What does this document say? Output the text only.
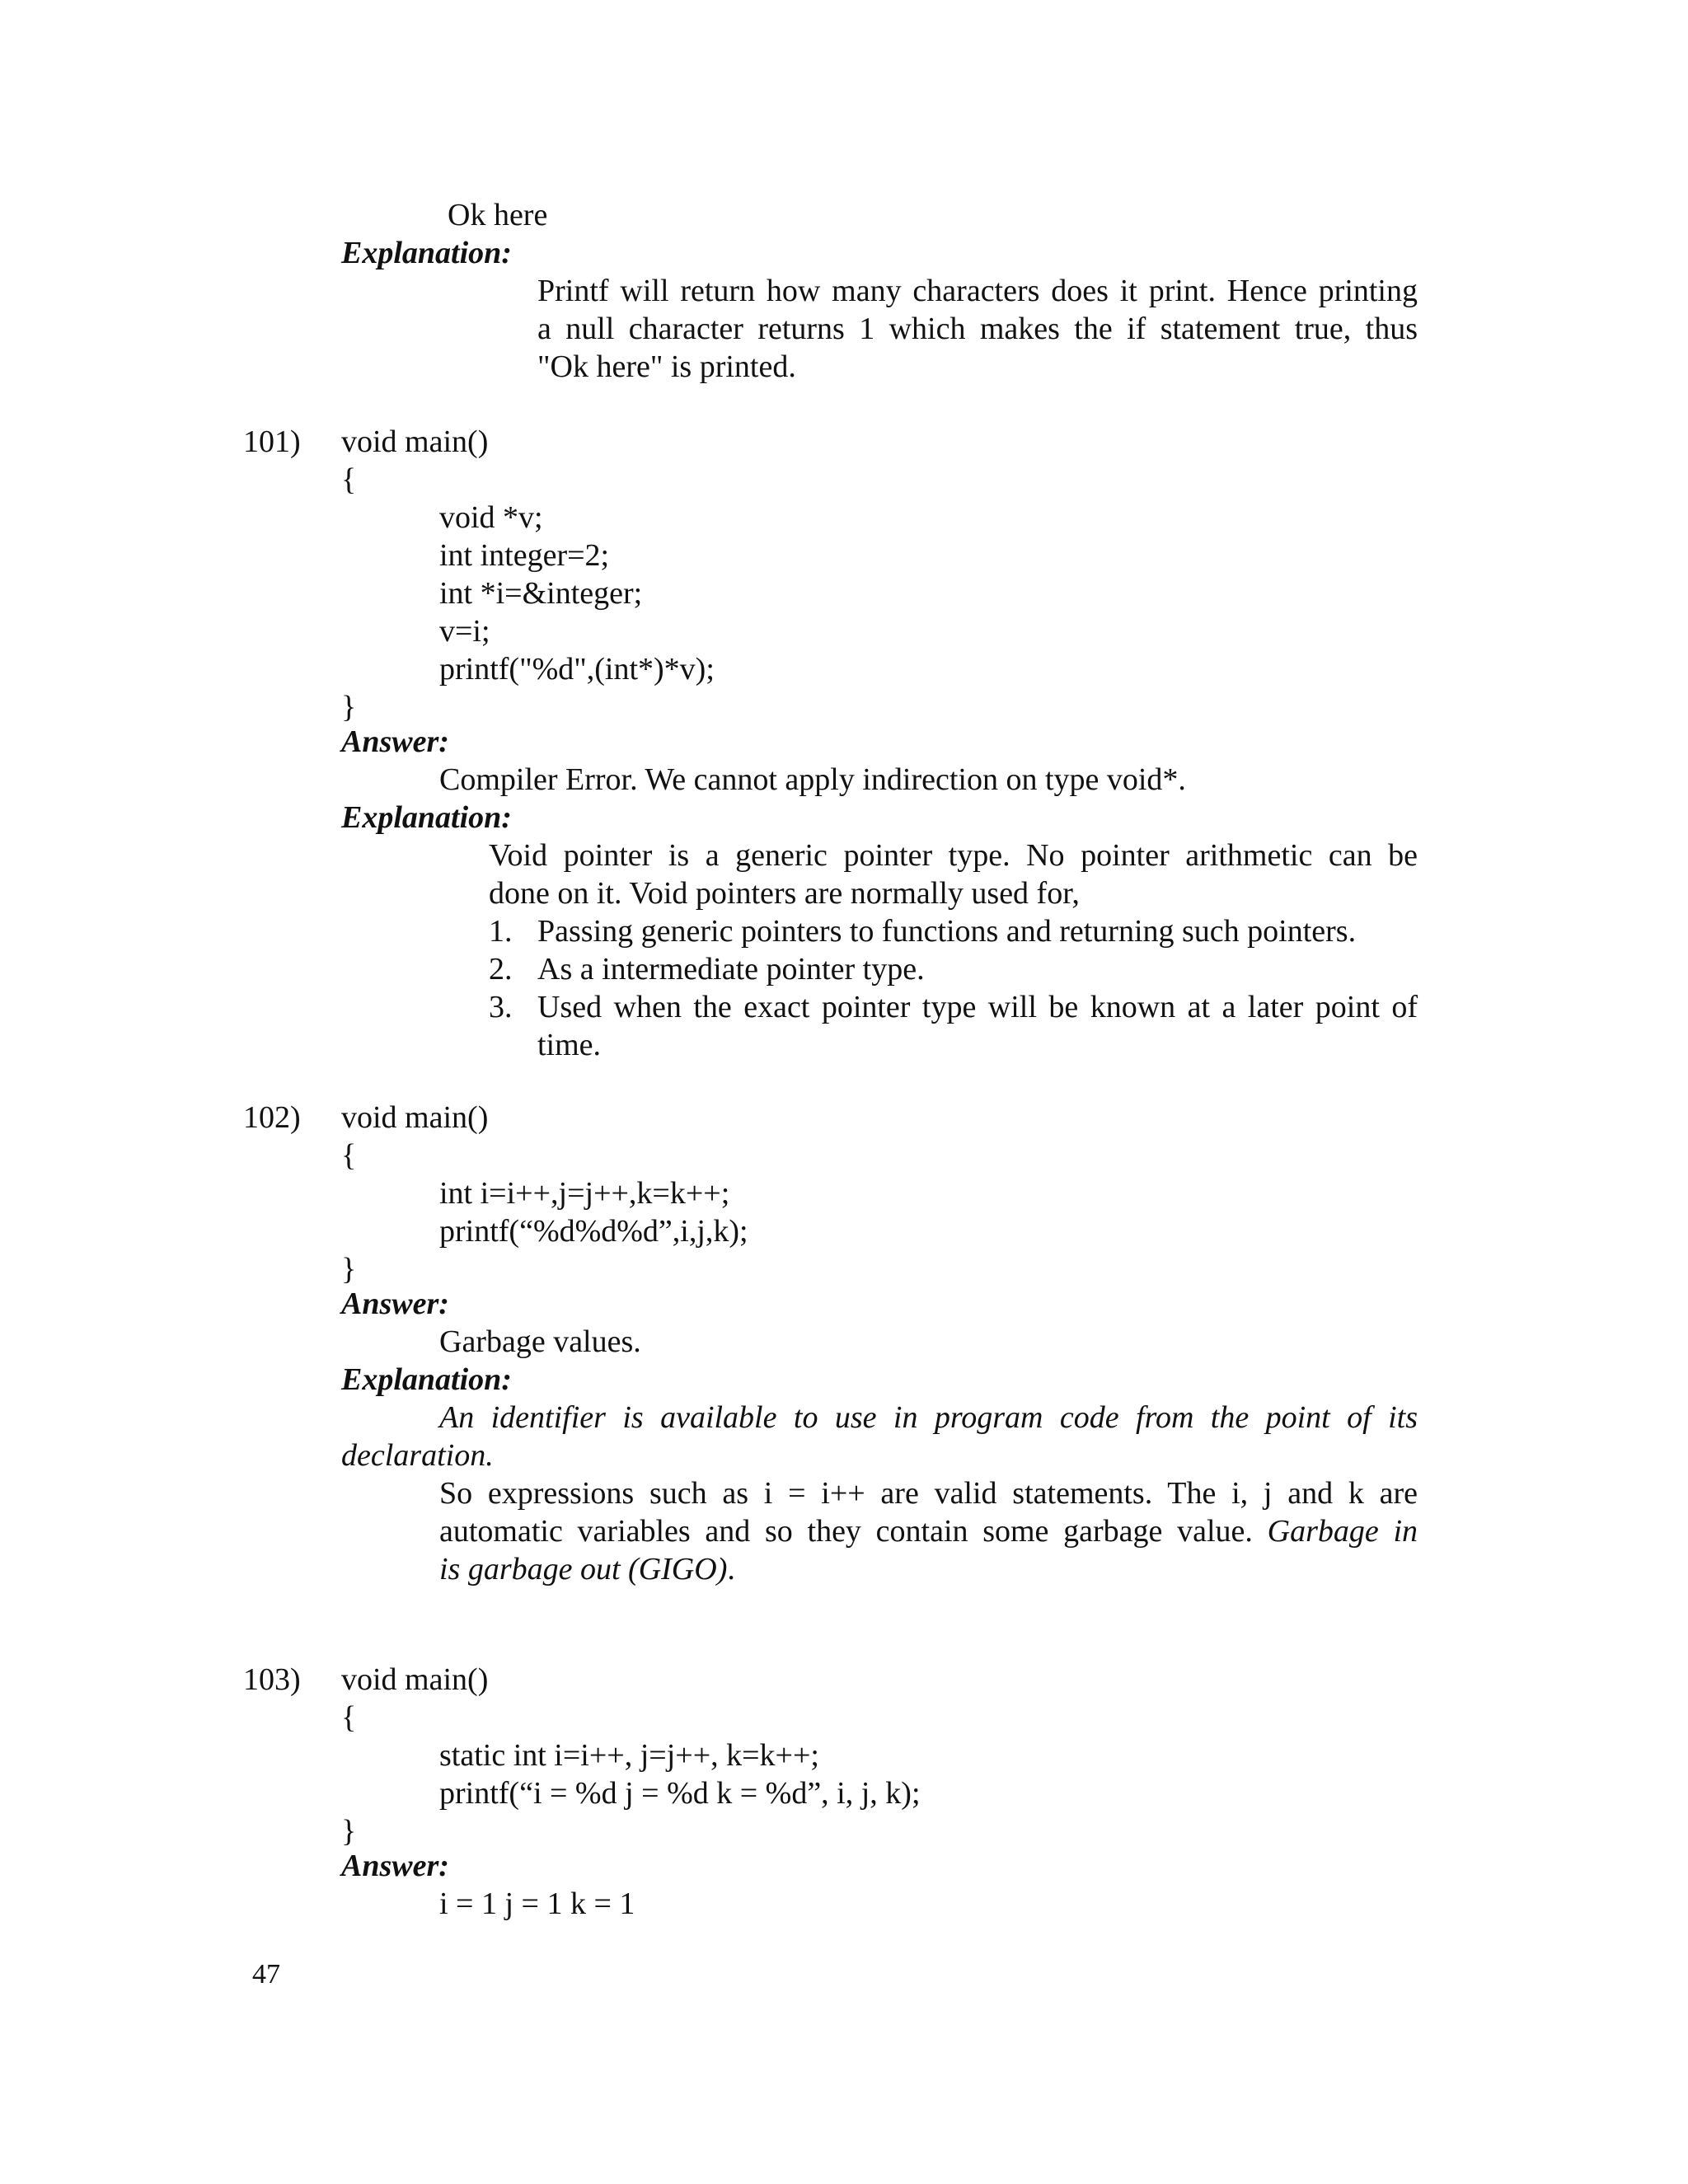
Ok here

Explanation:

Printf will return how many characters does it print. Hence printing

a null character returns 1 which makes the if statement true, thus

"Ok here" is printed.

101) void main()

{

void *v;

int integer=2;

int *i=&integer;

v=i;

printf("%d",(int*)*v);

}

Answer:

Compiler Error. We cannot apply indirection on type void*.

Explanation:

Void pointer is a generic pointer type. No pointer arithmetic can be

done on it. Void pointers are normally used for,

1. Passing generic pointers to functions and returning such pointers.

2. As a intermediate pointer type.

3. Used when the exact pointer type will be known at a later point of

time.

102) void main()

{

int i=i++,j=j++,k=k++;

printf(“%d%d%d”,i,j,k);

}

Answer:

Garbage values.

Explanation:

An identifier is available to use in program code from the point of its

declaration.

So expressions such as i = i++ are valid statements. The i, j and k are

automatic variables and so they contain some garbage value. Garbage in

is garbage out (GIGO).

103) void main()

{

static int i=i++, j=j++, k=k++;

printf(“i = %d j = %d k = %d”, i, j, k);

}

Answer:

i = 1 j = 1 k = 1

47
